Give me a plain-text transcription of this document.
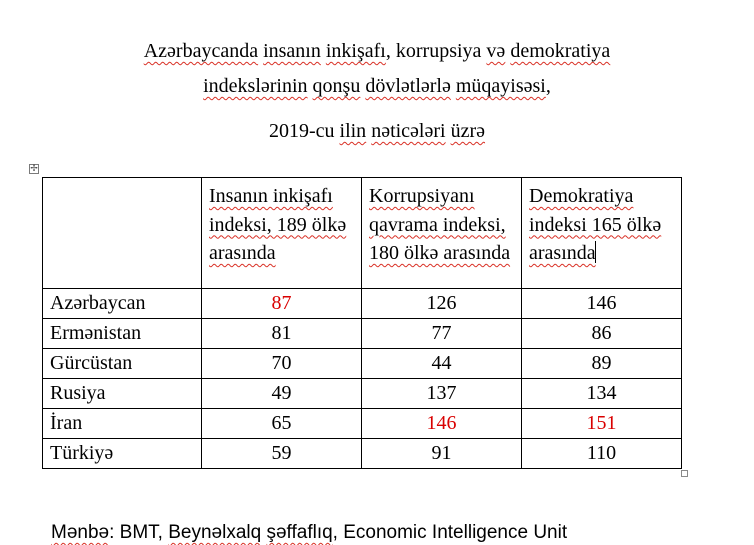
Azərbaycanda insanın inkişafı, korrupsiya və demokratiya
indekslərinin qonşu dövlətlərlə müqayisəsi,
2019-cu ilin nəticələri üzrə
✢
	Insanın inkişafı indeksi, 189 ölkə arasında	Korrupsiyanı qavrama indeksi, 180 ölkə arasında	Demokratiya indeksi 165 ölkə arasında
Azərbaycan	87	126	146
Ermənistan	81	77	86
Gürcüstan	70	44	89
Rusiya	49	137	134
İran	65	146	151
Türkiyə	59	91	110
Mənbə: BMT, Beynəlxalq şəffaflıq, Economic Intelligence Unit
